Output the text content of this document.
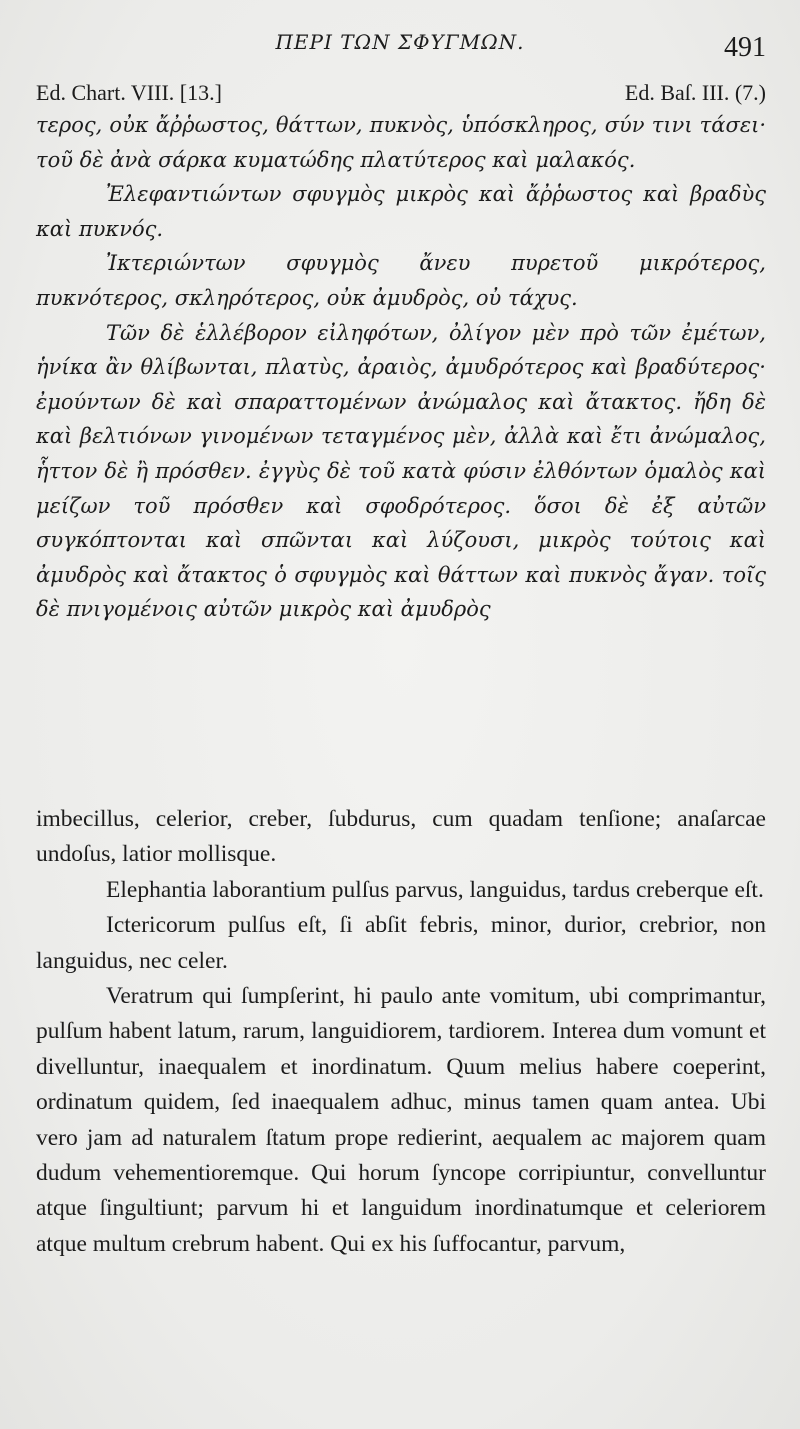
ΠΕΡΙ ΤΩΝ ΣΦΥΓΜΩΝ.	491
Ed. Chart. VIII. [13.]	Ed. Baſ. III. (7.)

τερος, οὐκ ἄῤῥωστος, θάττων, πυκνὸς, ὑπόσκληρος, σύν τινι τάσει· τοῦ δὲ ἀνὰ σάρκα κυματώδης πλατύτερος καὶ μαλακός.

Ἐλεφαντιώντων σφυγμὸς μικρὸς καὶ ἄῤῥωστος καὶ βραδὺς καὶ πυκνός.

Ἰκτεριώντων σφυγμὸς ἄνευ πυρετοῦ μικρότερος, πυκνότερος, σκληρότερος, οὐκ ἀμυδρὸς, οὐ τάχυς.

Τῶν δὲ ἑλλέβορον εἰληφότων, ὀλίγον μὲν πρὸ τῶν ἐμέτων, ἡνίκα ἂν θλίβωνται, πλατὺς, ἀραιὸς, ἀμυδρότερος καὶ βραδύτερος· ἐμούντων δὲ καὶ σπαραττομένων ἀνώμαλος καὶ ἄτακτος. ἤδη δὲ καὶ βελτιόνων γινομένων τεταγμένος μὲν, ἀλλὰ καὶ ἔτι ἀνώμαλος, ἧττον δὲ ἢ πρόσθεν. ἐγγὺς δὲ τοῦ κατὰ φύσιν ἐλθόντων ὁμαλὸς καὶ μείζων τοῦ πρόσθεν καὶ σφοδρότερος. ὅσοι δὲ ἐξ αὐτῶν συγκόπτονται καὶ σπῶνται καὶ λύζουσι, μικρὸς τούτοις καὶ ἀμυδρὸς καὶ ἄτακτος ὁ σφυγμὸς καὶ θάττων καὶ πυκνὸς ἄγαν. τοῖς δὲ πνιγομένοις αὐτῶν μικρὸς καὶ ἀμυδρὸς

imbecillus, celerior, creber, ſubdurus, cum quadam tenſione; anaſarcae undoſus, latior mollisque.

Elephantia laborantium pulſus parvus, languidus, tardus creberque eſt.

Ictericorum pulſus eſt, ſi abſit febris, minor, durior, crebrior, non languidus, nec celer.

Veratrum qui ſumpſerint, hi paulo ante vomitum, ubi comprimantur, pulſum habent latum, rarum, languidiorem, tardiorem. Interea dum vomunt et divelluntur, inaequalem et inordinatum. Quum melius habere coeperint, ordinatum quidem, ſed inaequalem adhuc, minus tamen quam antea. Ubi vero jam ad naturalem ſtatum prope redierint, aequalem ac majorem quam dudum vehementioremque. Qui horum ſyncope corripiuntur, convelluntur atque ſingultiunt; parvum hi et languidum inordinatumque et celeriorem atque multum crebrum habent. Qui ex his ſuffocantur, parvum,
